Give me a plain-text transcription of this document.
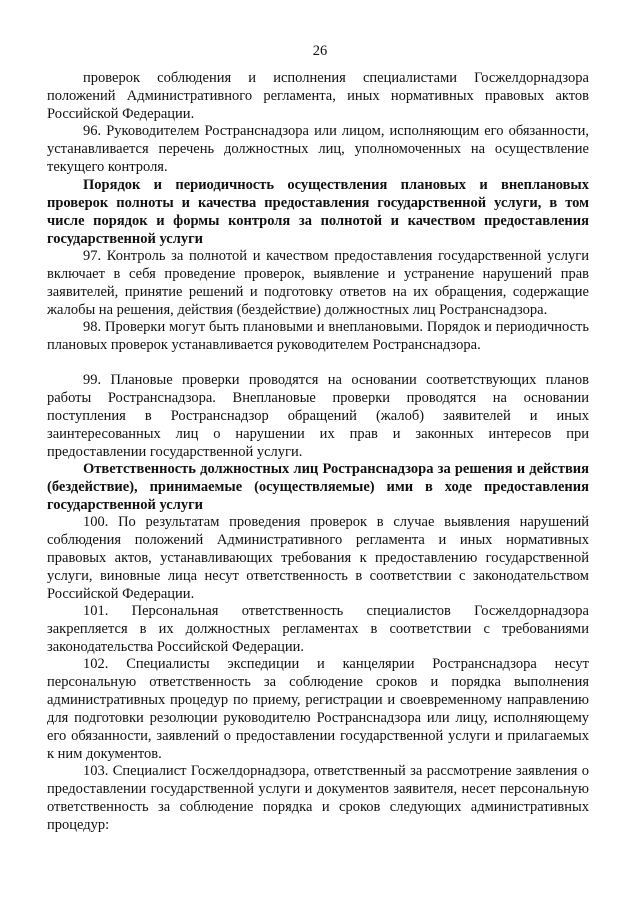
26

проверок соблюдения и исполнения специалистами Госжелдорнадзора положений Административного регламента, иных нормативных правовых актов Российской Федерации.

96. Руководителем Ространснадзора или лицом, исполняющим его обязанности, устанавливается перечень должностных лиц, уполномоченных на осуществление текущего контроля.

Порядок и периодичность осуществления плановых и внеплановых проверок полноты и качества предоставления государственной услуги, в том числе порядок и формы контроля за полнотой и качеством предоставления государственной услуги

97. Контроль за полнотой и качеством предоставления государственной услуги включает в себя проведение проверок, выявление и устранение нарушений прав заявителей, принятие решений и подготовку ответов на их обращения, содержащие жалобы на решения, действия (бездействие) должностных лиц Ространснадзора.

98. Проверки могут быть плановыми и внеплановыми. Порядок и периодичность плановых проверок устанавливается руководителем Ространснадзора.

99. Плановые проверки проводятся на основании соответствующих планов работы Ространснадзора. Внеплановые проверки проводятся на основании поступления в Ространснадзор обращений (жалоб) заявителей и иных заинтересованных лиц о нарушении их прав и законных интересов при предоставлении государственной услуги.

Ответственность должностных лиц Ространснадзора за решения и действия (бездействие), принимаемые (осуществляемые) ими в ходе предоставления государственной услуги

100. По результатам проведения проверок в случае выявления нарушений соблюдения положений Административного регламента и иных нормативных правовых актов, устанавливающих требования к предоставлению государственной услуги, виновные лица несут ответственность в соответствии с законодательством Российской Федерации.

101. Персональная ответственность специалистов Госжелдорнадзора закрепляется в их должностных регламентах в соответствии с требованиями законодательства Российской Федерации.

102. Специалисты экспедиции и канцелярии Ространснадзора несут персональную ответственность за соблюдение сроков и порядка выполнения административных процедур по приему, регистрации и своевременному направлению для подготовки резолюции руководителю Ространснадзора или лицу, исполняющему его обязанности, заявлений о предоставлении государственной услуги и прилагаемых к ним документов.

103. Специалист Госжелдорнадзора, ответственный за рассмотрение заявления о предоставлении государственной услуги и документов заявителя, несет персональную ответственность за соблюдение порядка и сроков следующих административных процедур:
